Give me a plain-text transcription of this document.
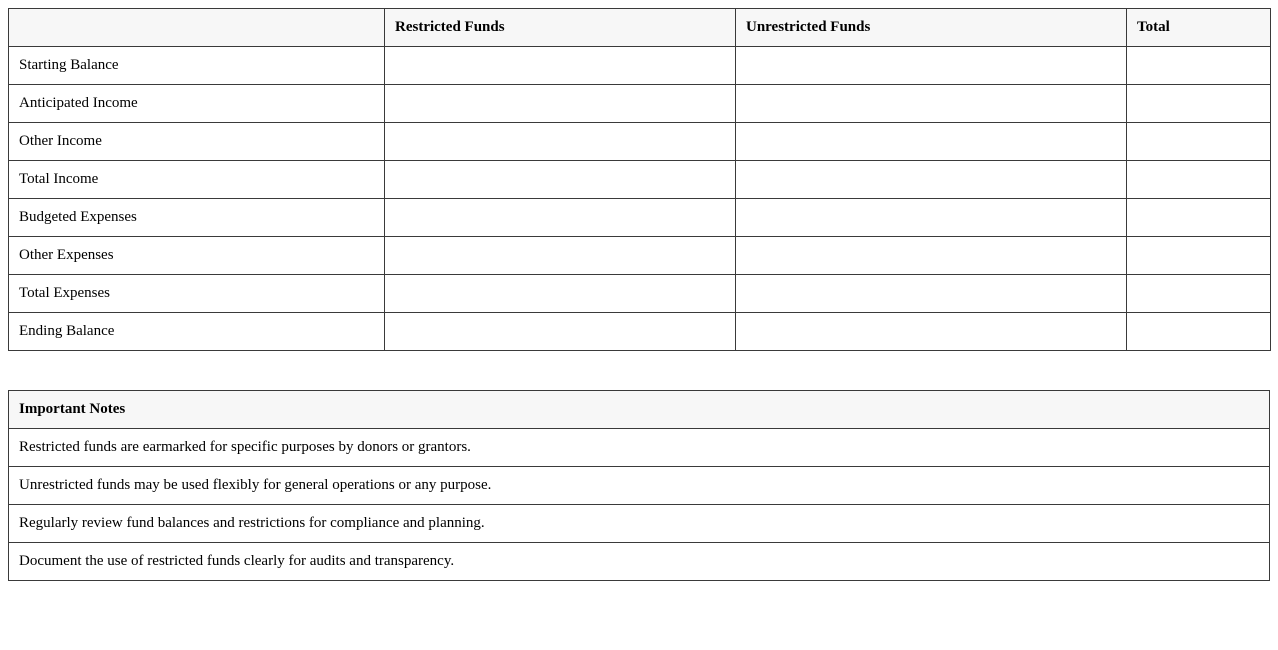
	Restricted Funds	Unrestricted Funds	Total
Starting Balance			
Anticipated Income			
Other Income			
Total Income			
Budgeted Expenses			
Other Expenses			
Total Expenses			
Ending Balance			
Important Notes
Restricted funds are earmarked for specific purposes by donors or grantors.
Unrestricted funds may be used flexibly for general operations or any purpose.
Regularly review fund balances and restrictions for compliance and planning.
Document the use of restricted funds clearly for audits and transparency.
